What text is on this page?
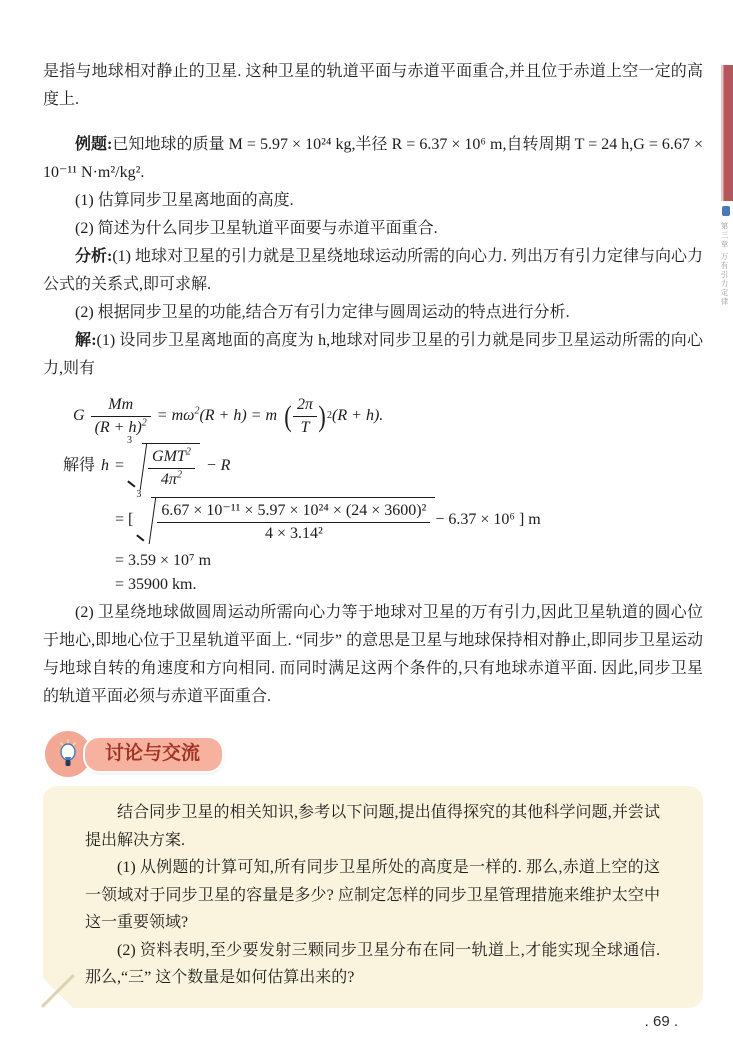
第三章 万有引力定律

是指与地球相对静止的卫星. 这种卫星的轨道平面与赤道平面重合,并且位于赤道上空一定的高度上.

例题:已知地球的质量 M = 5.97 × 10²⁴ kg,半径 R = 6.37 × 10⁶ m,自转周期 T = 24 h,G = 6.67 × 10⁻¹¹ N·m²/kg².

(1) 估算同步卫星离地面的高度.

(2) 简述为什么同步卫星轨道平面要与赤道平面重合.

分析:(1) 地球对卫星的引力就是卫星绕地球运动所需的向心力. 列出万有引力定律与向心力公式的关系式,即可求解.

(2) 根据同步卫星的功能,结合万有引力定律与圆周运动的特点进行分析.

解:(1) 设同步卫星离地面的高度为 h,地球对同步卫星的引力就是同步卫星运动所需的向心力,则有

G $\frac{Mm}{(R + h)^2} = m\omega^2(R + h) = m$ ( $\frac{2\pi}{T}$ ) 2 (R + h).
解得 h =
3
$\frac{GMT^2}{4\pi^2} - R$
= [
3
$\frac{\text{6.67 × 10⁻¹¹ × 5.97 × 10²⁴ × (24 × 3600)²}}{\text{4 × 3.14²}} - 6.37 \times 10^6$ ] m
= 3.59 × 10⁷ m
= 35900 km.

(2) 卫星绕地球做圆周运动所需向心力等于地球对卫星的万有引力,因此卫星轨道的圆心位于地心,即地心位于卫星轨道平面上. “同步” 的意思是卫星与地球保持相对静止,即同步卫星运动与地球自转的角速度和方向相同. 而同时满足这两个条件的,只有地球赤道平面. 因此,同步卫星的轨道平面必须与赤道平面重合.

讨论与交流

结合同步卫星的相关知识,参考以下问题,提出值得探究的其他科学问题,并尝试提出解决方案.

(1) 从例题的计算可知,所有同步卫星所处的高度是一样的. 那么,赤道上空的这一领域对于同步卫星的容量是多少? 应制定怎样的同步卫星管理措施来维护太空中这一重要领域?

(2) 资料表明,至少要发射三颗同步卫星分布在同一轨道上,才能实现全球通信. 那么,“三” 这个数量是如何估算出来的?

. 69 .
